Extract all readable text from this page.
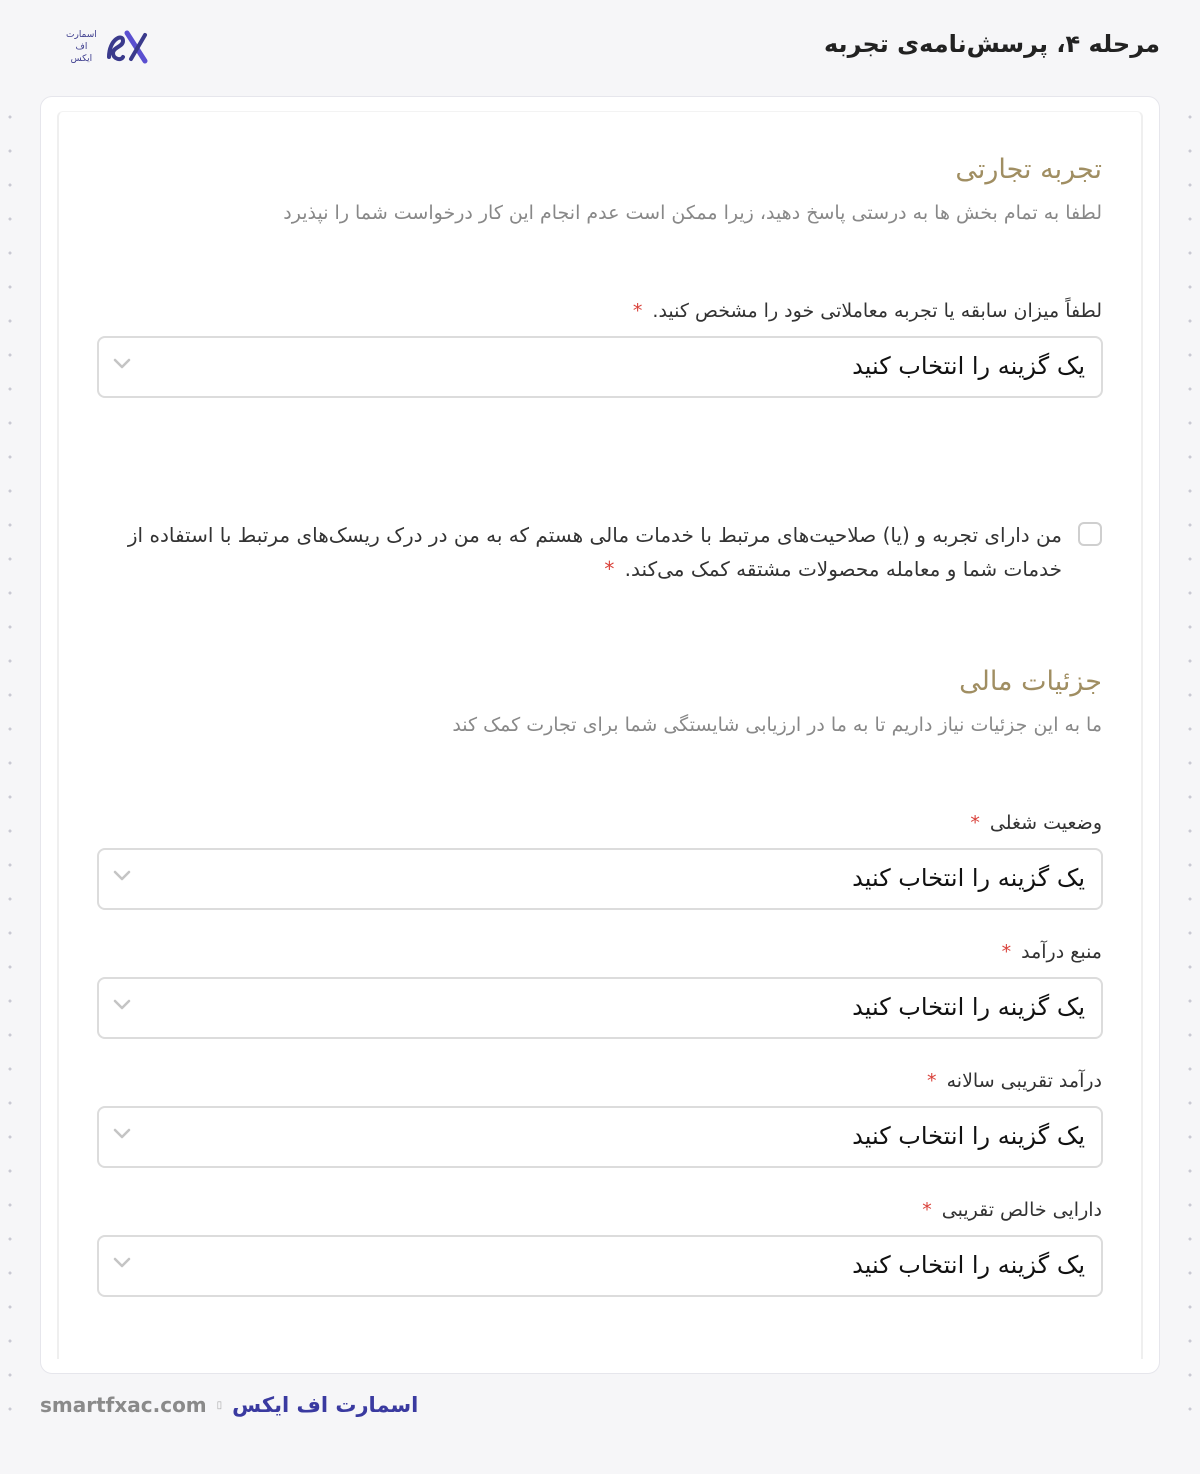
اسمارت
اف
ایکس
مرحله ۴، پرسش‌نامه‌ی تجربه
تجربه تجارتی
لطفا به تمام بخش ها به درستی پاسخ دهید، زیرا ممکن است عدم انجام این کار درخواست شما را نپذیرد
لطفاً میزان سابقه یا تجربه معاملاتی خود را مشخص کنید. *
یک گزینه را انتخاب کنید
من دارای تجربه و (یا) صلاحیت‌های مرتبط با خدمات مالی هستم که به من در درک ریسک‌های مرتبط با استفاده از خدمات شما و معامله محصولات مشتقه کمک می‌کند. *
جزئیات مالی
ما به این جزئیات نیاز داریم تا به ما در ارزیابی شایستگی شما برای تجارت کمک کند
وضعیت شغلی *
یک گزینه را انتخاب کنید
منبع درآمد *
یک گزینه را انتخاب کنید
درآمد تقریبی سالانه *
یک گزینه را انتخاب کنید
دارایی خالص تقریبی *
یک گزینه را انتخاب کنید
smartfxac.com ▯ اسمارت اف ایکس
